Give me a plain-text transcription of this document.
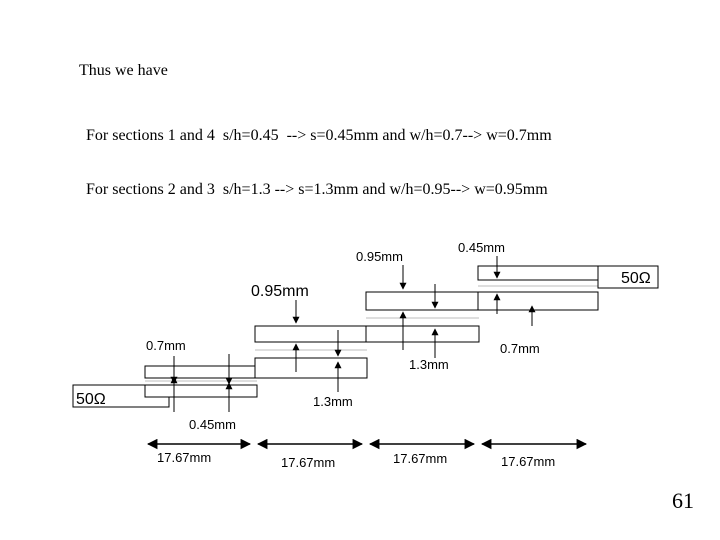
Thus we have
For sections 1 and 4  s/h=0.45  --> s=0.45mm and w/h=0.7--> w=0.7mm
For sections 2 and 3  s/h=1.3 --> s=1.3mm and w/h=0.95--> w=0.95mm
50Ω
50Ω
0.95mm
0.45mm
0.95mm
1.3mm
0.7mm
0.7mm
0.45mm
1.3mm
17.67mm	17.67mm	17.67mm	17.67mm
61
